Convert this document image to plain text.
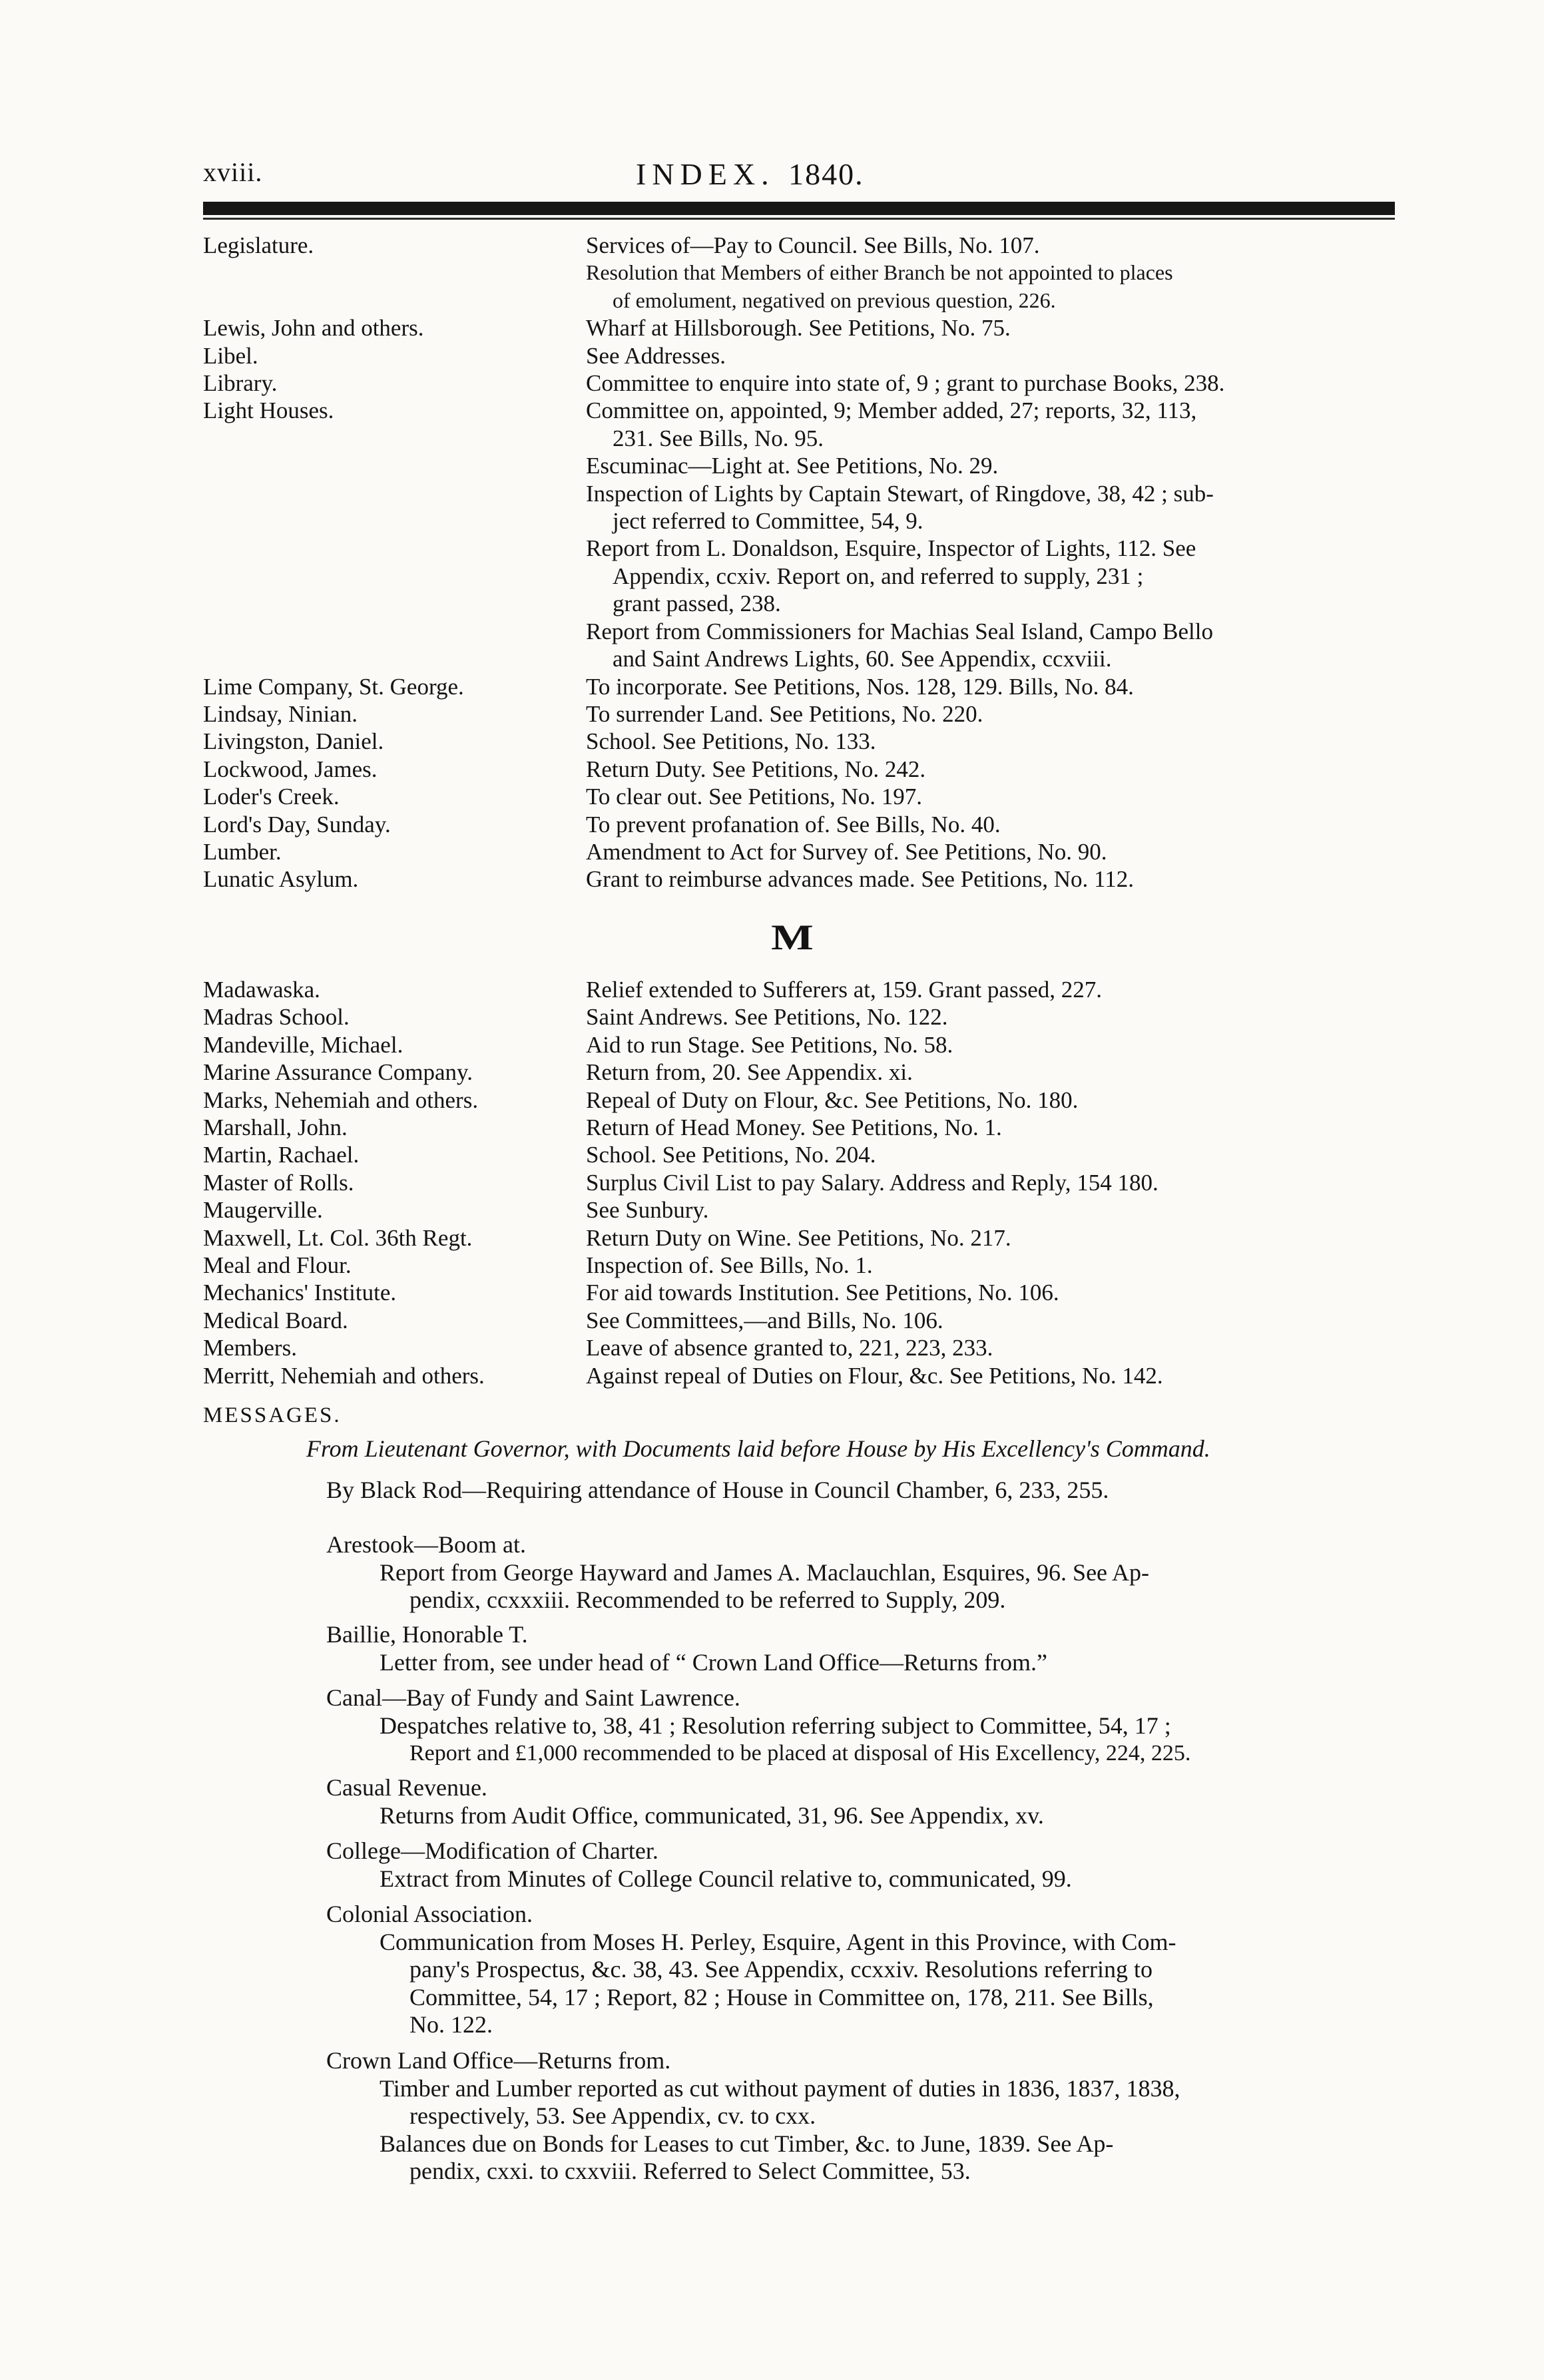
xviii.	INDEX. 1840.
Legislature.	Services of—Pay to Council. See Bills, No. 107.
Resolution that Members of either Branch be not appointed to places
of emolument, negatived on previous question, 226.
Lewis, John and others.	Wharf at Hillsborough. See Petitions, No. 75.
Libel.	See Addresses.
Library.	Committee to enquire into state of, 9 ; grant to purchase Books, 238.
Light Houses.	Committee on, appointed, 9; Member added, 27; reports, 32, 113,
231. See Bills, No. 95.
Escuminac—Light at. See Petitions, No. 29.
Inspection of Lights by Captain Stewart, of Ringdove, 38, 42 ; sub-
ject referred to Committee, 54, 9.
Report from L. Donaldson, Esquire, Inspector of Lights, 112. See
Appendix, ccxiv. Report on, and referred to supply, 231 ;
grant passed, 238.
Report from Commissioners for Machias Seal Island, Campo Bello
and Saint Andrews Lights, 60. See Appendix, ccxviii.
Lime Company, St. George.	To incorporate. See Petitions, Nos. 128, 129. Bills, No. 84.
Lindsay, Ninian.	To surrender Land. See Petitions, No. 220.
Livingston, Daniel.	School. See Petitions, No. 133.
Lockwood, James.	Return Duty. See Petitions, No. 242.
Loder's Creek.	To clear out. See Petitions, No. 197.
Lord's Day, Sunday.	To prevent profanation of. See Bills, No. 40.
Lumber.	Amendment to Act for Survey of. See Petitions, No. 90.
Lunatic Asylum.	Grant to reimburse advances made. See Petitions, No. 112.
M
Madawaska.	Relief extended to Sufferers at, 159. Grant passed, 227.
Madras School.	Saint Andrews. See Petitions, No. 122.
Mandeville, Michael.	Aid to run Stage. See Petitions, No. 58.
Marine Assurance Company.	Return from, 20. See Appendix. xi.
Marks, Nehemiah and others.	Repeal of Duty on Flour, &c. See Petitions, No. 180.
Marshall, John.	Return of Head Money. See Petitions, No. 1.
Martin, Rachael.	School. See Petitions, No. 204.
Master of Rolls.	Surplus Civil List to pay Salary. Address and Reply, 154 180.
Maugerville.	See Sunbury.
Maxwell, Lt. Col. 36th Regt.	Return Duty on Wine. See Petitions, No. 217.
Meal and Flour.	Inspection of. See Bills, No. 1.
Mechanics' Institute.	For aid towards Institution. See Petitions, No. 106.
Medical Board.	See Committees,—and Bills, No. 106.
Members.	Leave of absence granted to, 221, 223, 233.
Merritt, Nehemiah and others.	Against repeal of Duties on Flour, &c. See Petitions, No. 142.
MESSAGES.
From Lieutenant Governor, with Documents laid before House by His Excellency's Command.
By Black Rod—Requiring attendance of House in Council Chamber, 6, 233, 255.
Arestook—Boom at.
Report from George Hayward and James A. Maclauchlan, Esquires, 96. See Ap-
pendix, ccxxxiii. Recommended to be referred to Supply, 209.
Baillie, Honorable T.
Letter from, see under head of “ Crown Land Office—Returns from.”
Canal—Bay of Fundy and Saint Lawrence.
Despatches relative to, 38, 41 ; Resolution referring subject to Committee, 54, 17 ;
Report and £1,000 recommended to be placed at disposal of His Excellency, 224, 225.
Casual Revenue.
Returns from Audit Office, communicated, 31, 96. See Appendix, xv.
College—Modification of Charter.
Extract from Minutes of College Council relative to, communicated, 99.
Colonial Association.
Communication from Moses H. Perley, Esquire, Agent in this Province, with Com-
pany's Prospectus, &c. 38, 43. See Appendix, ccxxiv. Resolutions referring to
Committee, 54, 17 ; Report, 82 ; House in Committee on, 178, 211. See Bills,
No. 122.
Crown Land Office—Returns from.
Timber and Lumber reported as cut without payment of duties in 1836, 1837, 1838,
respectively, 53. See Appendix, cv. to cxx.
Balances due on Bonds for Leases to cut Timber, &c. to June, 1839. See Ap-
pendix, cxxi. to cxxviii. Referred to Select Committee, 53.
